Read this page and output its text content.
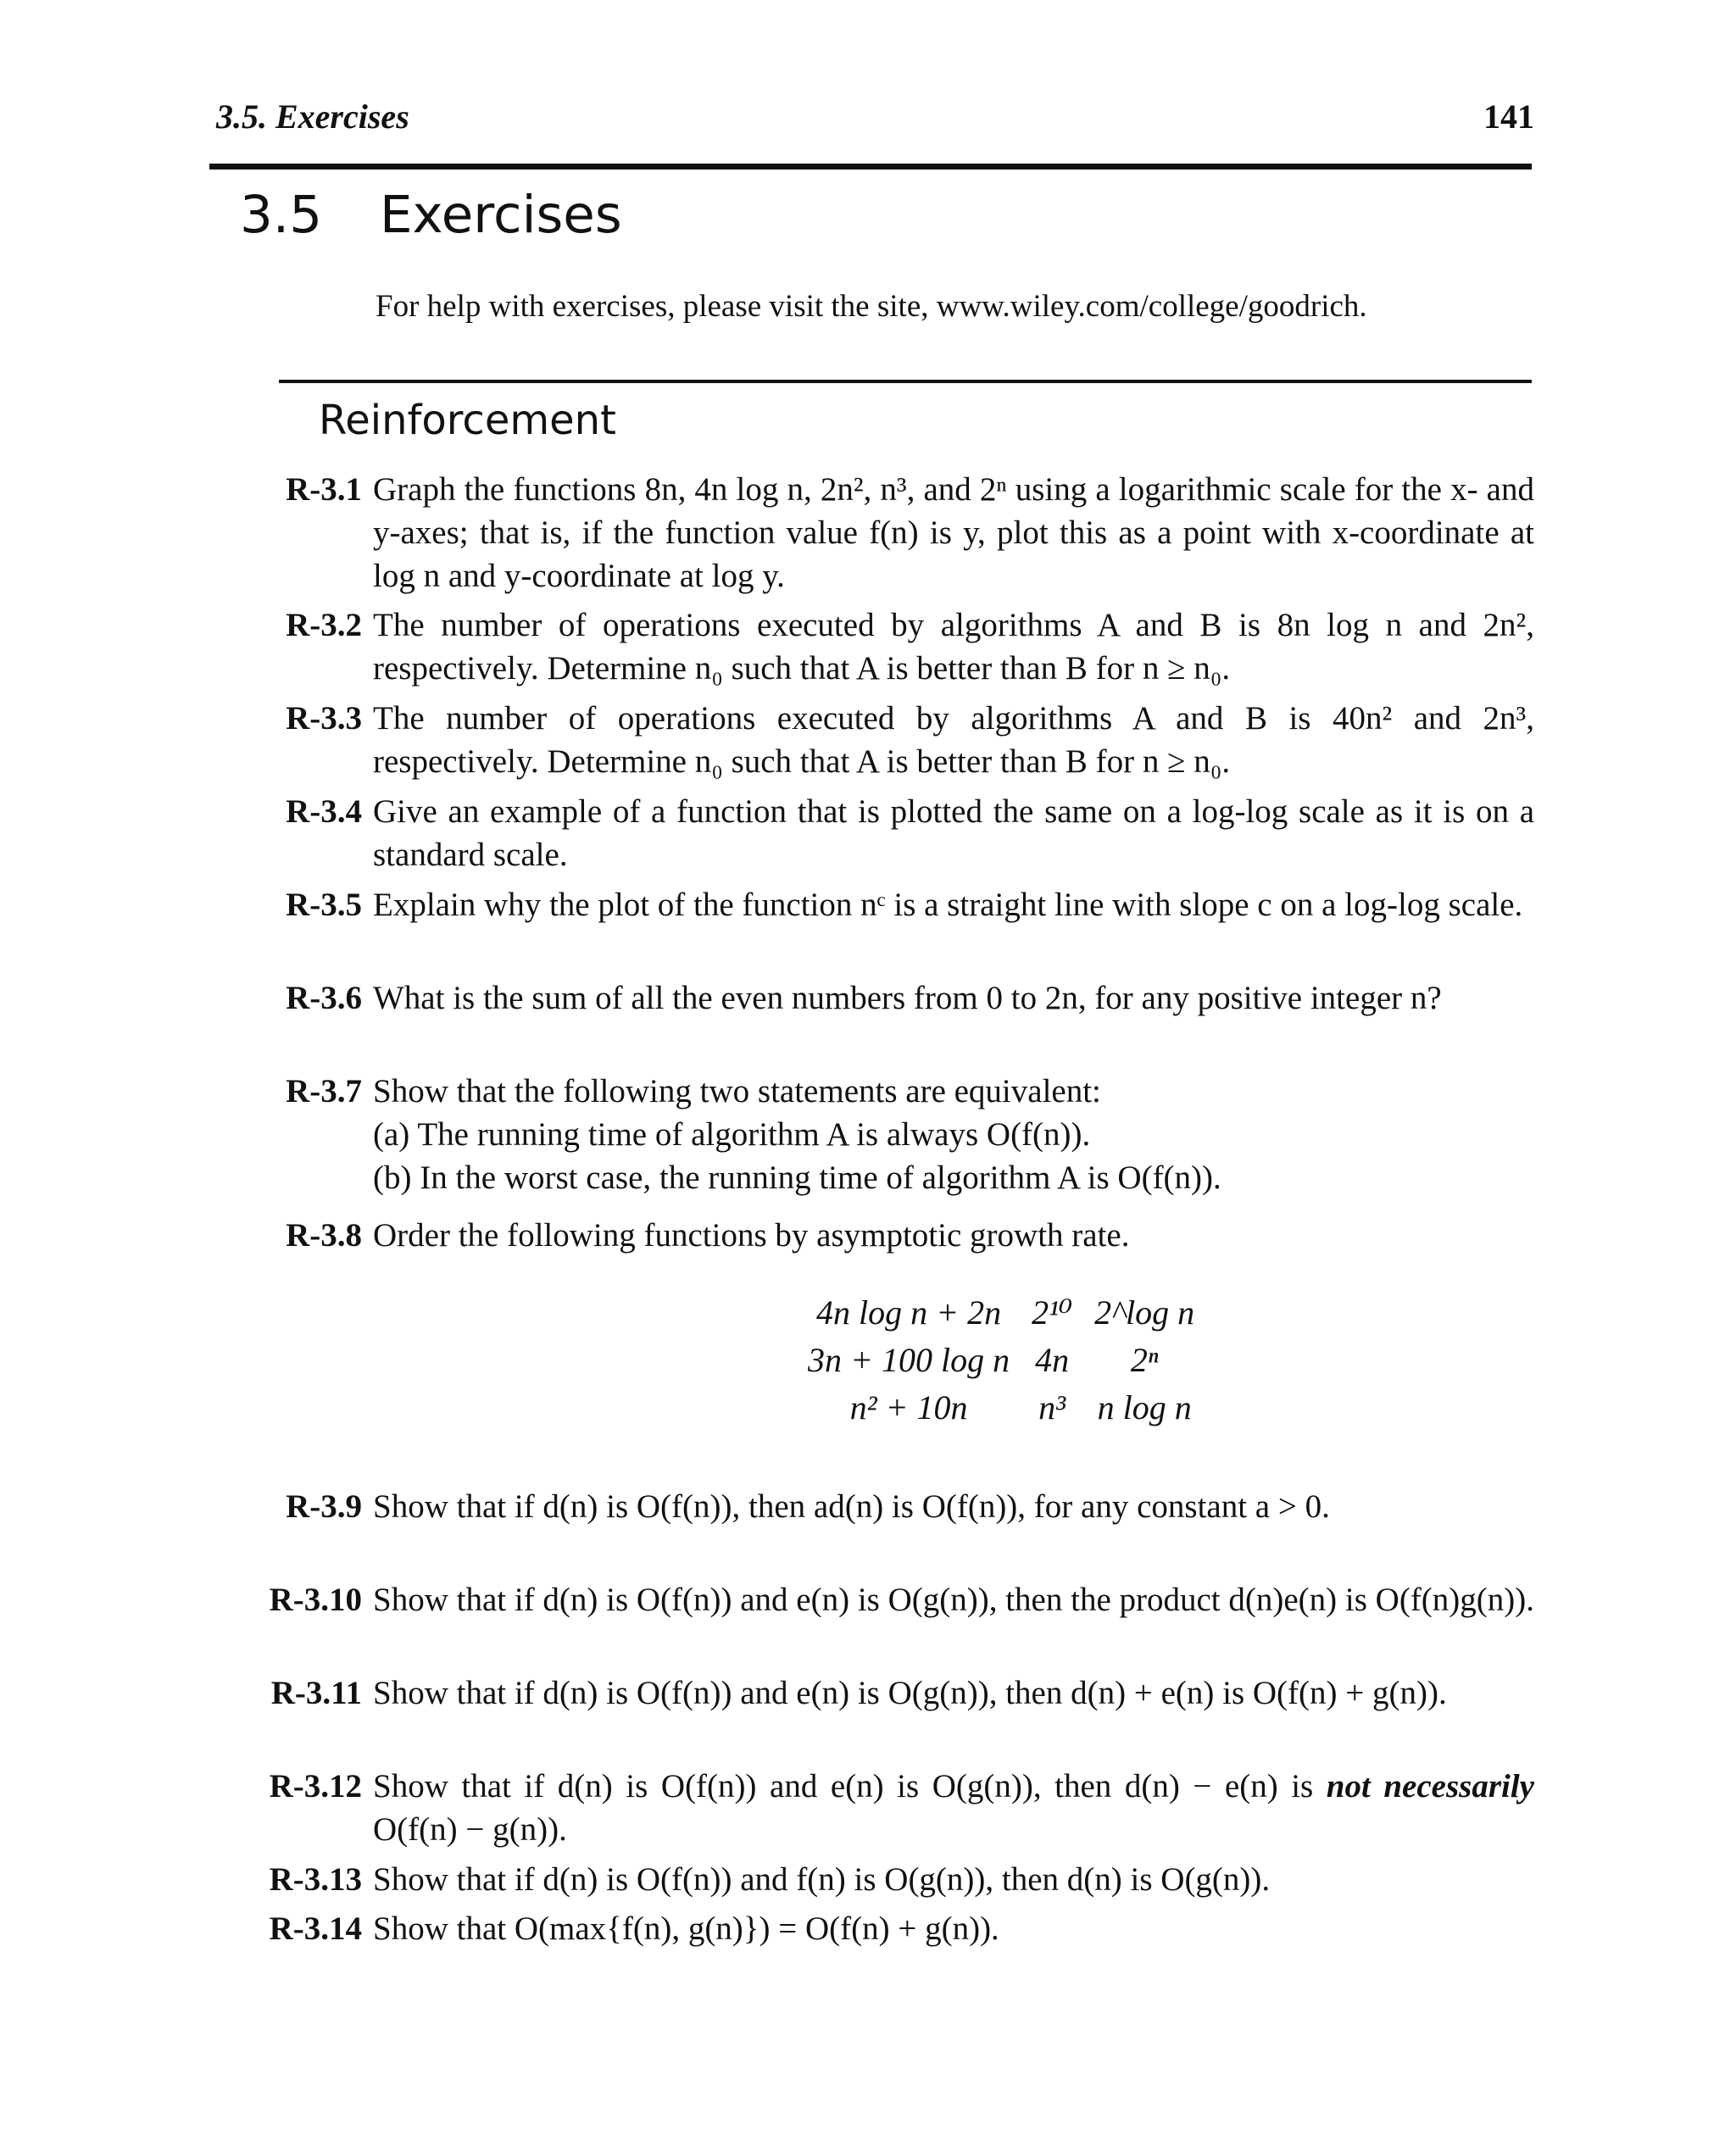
3.5. Exercises	141
3.5 Exercises
For help with exercises, please visit the site, www.wiley.com/college/goodrich.
Reinforcement
R-3.1 Graph the functions 8n, 4n log n, 2n², n³, and 2ⁿ using a logarithmic scale for the x- and y-axes; that is, if the function value f(n) is y, plot this as a point with x-coordinate at log n and y-coordinate at log y.
R-3.2 The number of operations executed by algorithms A and B is 8n log n and 2n², respectively. Determine n₀ such that A is better than B for n ≥ n₀.
R-3.3 The number of operations executed by algorithms A and B is 40n² and 2n³, respectively. Determine n₀ such that A is better than B for n ≥ n₀.
R-3.4 Give an example of a function that is plotted the same on a log-log scale as it is on a standard scale.
R-3.5 Explain why the plot of the function nᶜ is a straight line with slope c on a log-log scale.
R-3.6 What is the sum of all the even numbers from 0 to 2n, for any positive integer n?
R-3.7 Show that the following two statements are equivalent:
(a) The running time of algorithm A is always O(f(n)).
(b) In the worst case, the running time of algorithm A is O(f(n)).
R-3.8 Order the following functions by asymptotic growth rate.
4n log n + 2n	2¹⁰	2^log n
3n + 100 log n	4n	2ⁿ
n² + 10n	n³	n log n
R-3.9 Show that if d(n) is O(f(n)), then ad(n) is O(f(n)), for any constant a > 0.
R-3.10 Show that if d(n) is O(f(n)) and e(n) is O(g(n)), then the product d(n)e(n) is O(f(n)g(n)).
R-3.11 Show that if d(n) is O(f(n)) and e(n) is O(g(n)), then d(n) + e(n) is O(f(n) + g(n)).
R-3.12 Show that if d(n) is O(f(n)) and e(n) is O(g(n)), then d(n) − e(n) is not necessarily O(f(n) − g(n)).
R-3.13 Show that if d(n) is O(f(n)) and f(n) is O(g(n)), then d(n) is O(g(n)).
R-3.14 Show that O(max{f(n), g(n)}) = O(f(n) + g(n)).
